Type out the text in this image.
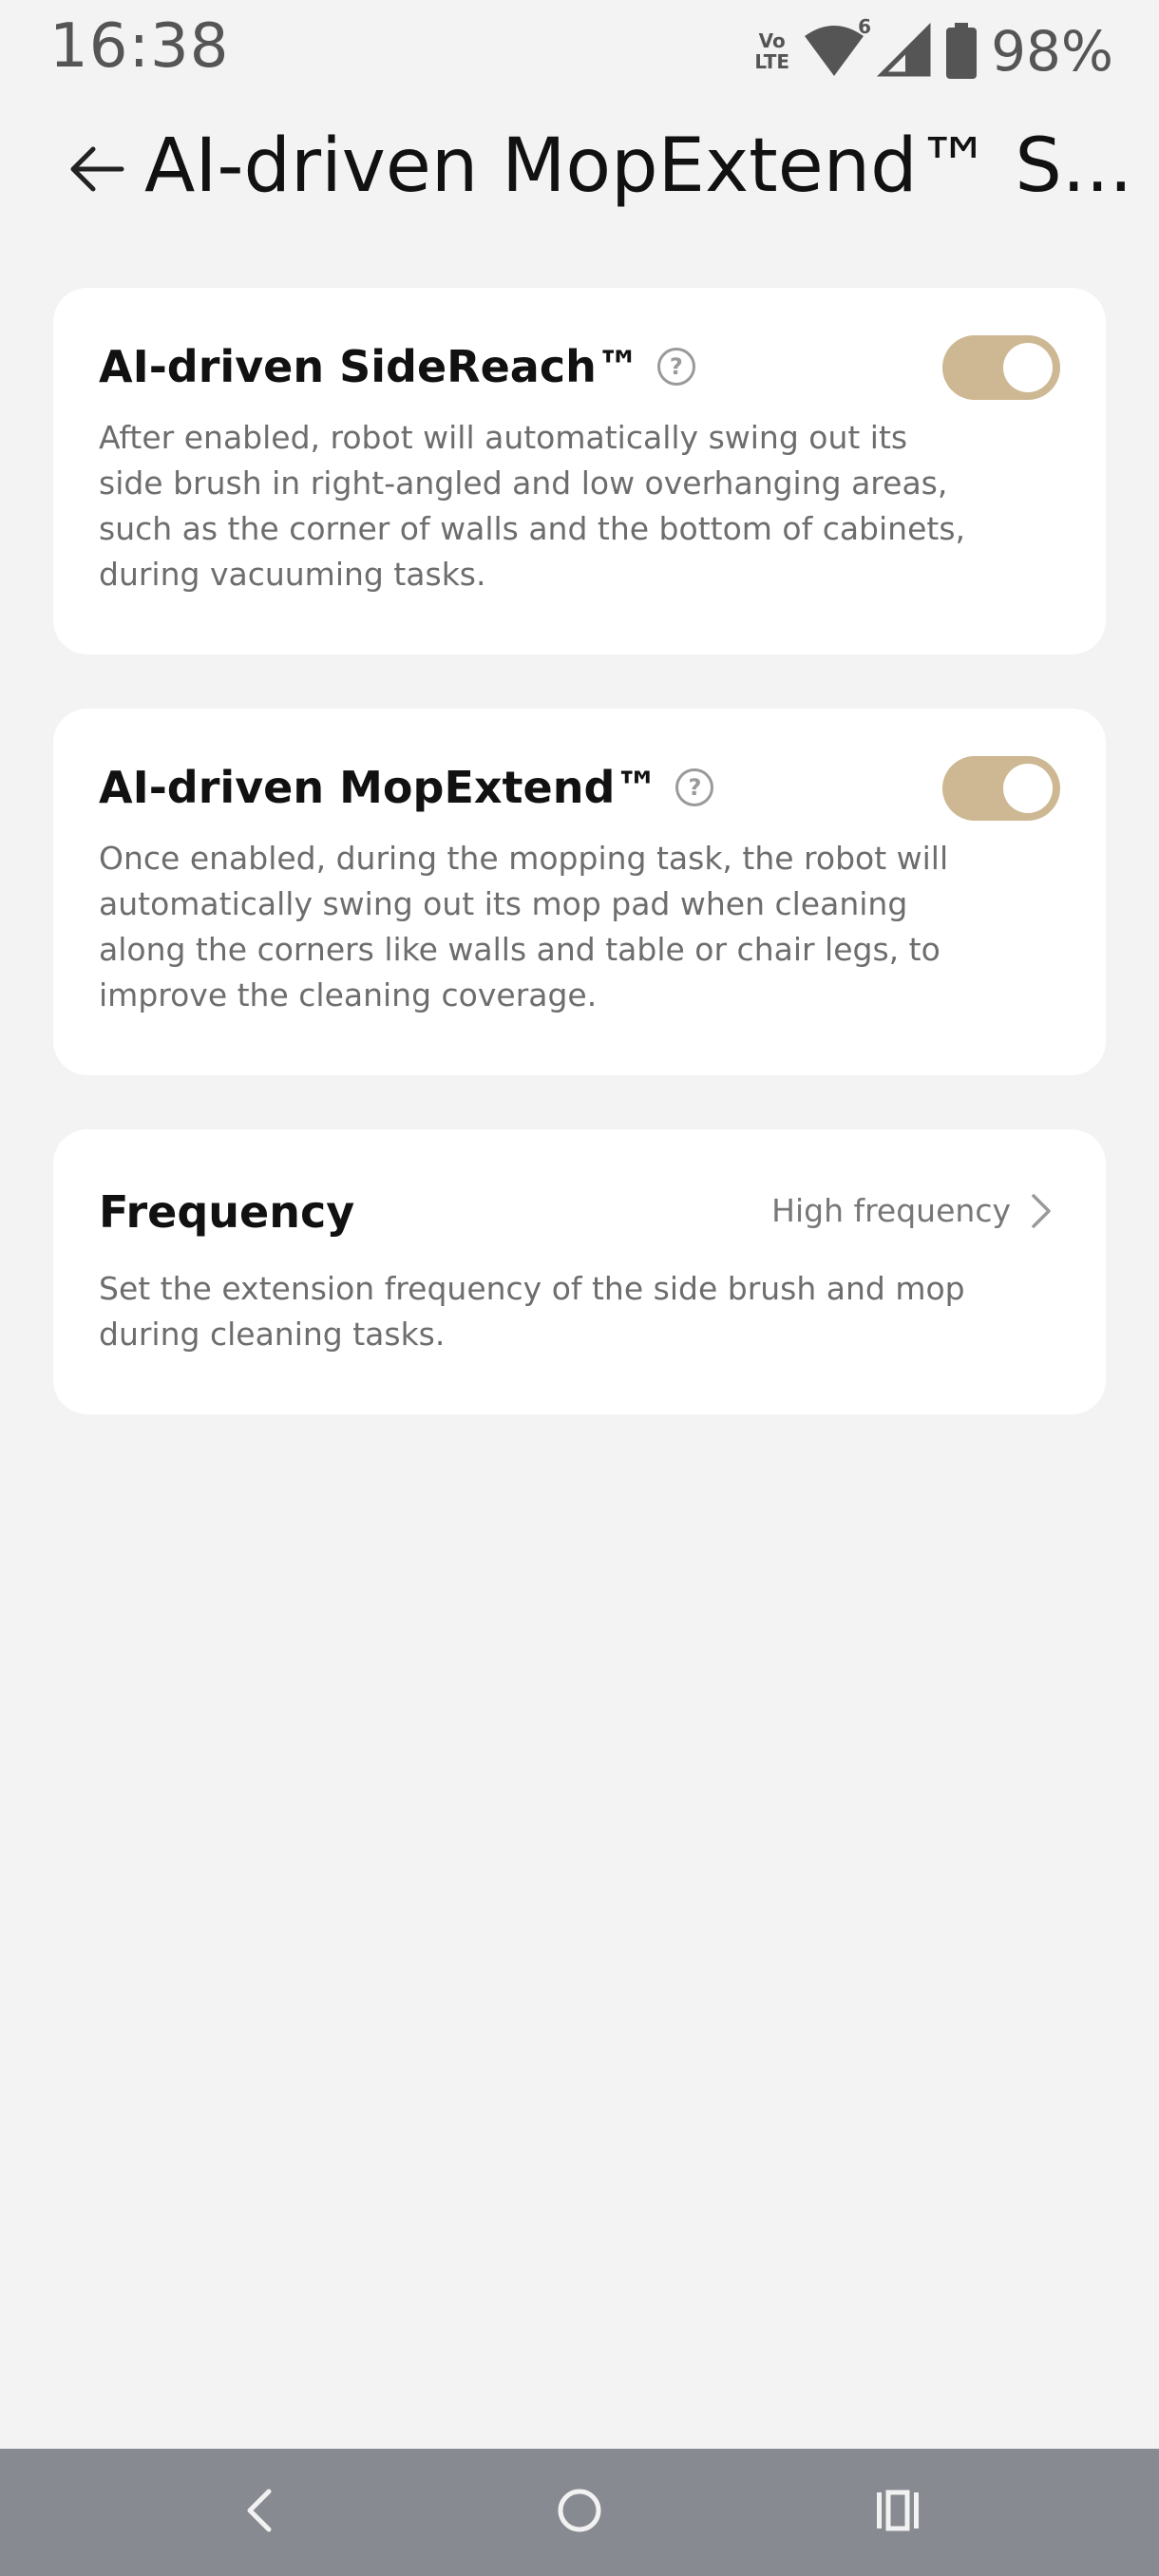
16:38	Vo
LTE
6 98%
AI-driven MopExtend™ S...
AI-driven SideReach™	?
After enabled, robot will automatically swing out its side brush in right-angled and low overhanging areas, such as the corner of walls and the bottom of cabinets, during vacuuming tasks.
AI-driven MopExtend™	?
Once enabled, during the mopping task, the robot will automatically swing out its mop pad when cleaning along the corners like walls and table or chair legs, to improve the cleaning coverage.
Frequency	High frequency
Set the extension frequency of the side brush and mop during cleaning tasks.
